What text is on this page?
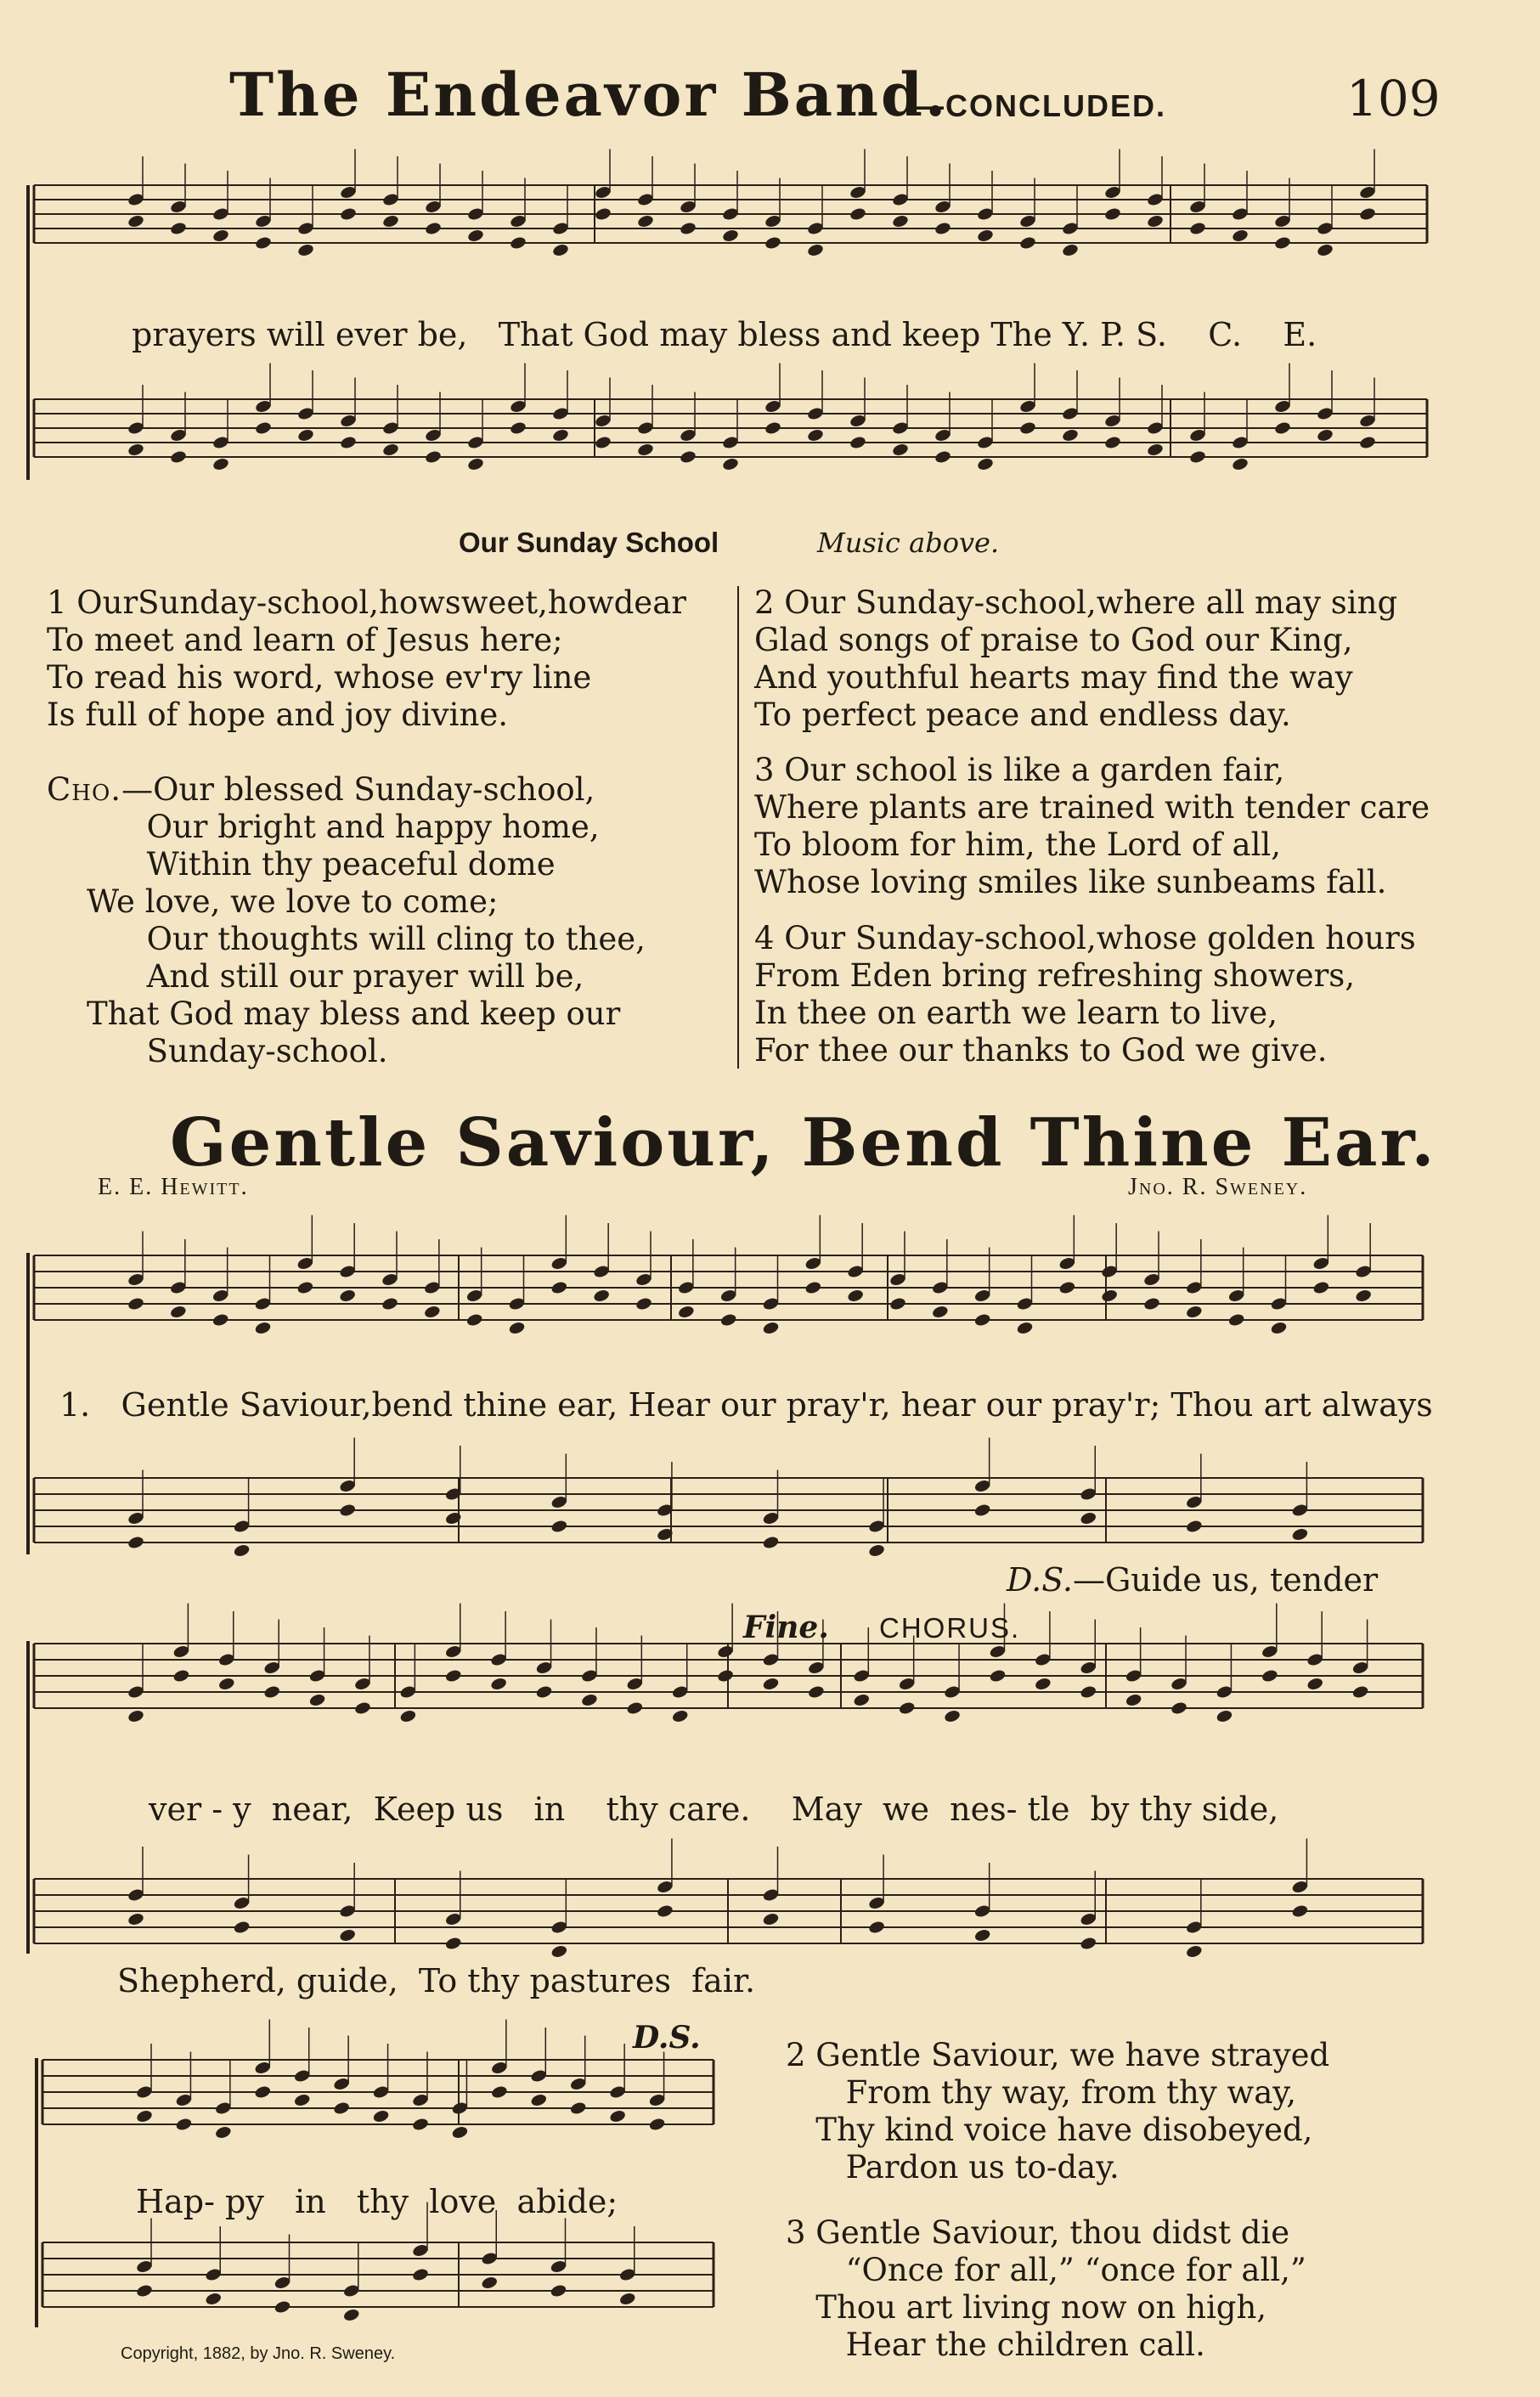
The Endeavor Band.
—CONCLUDED.	109
prayers will ever be,   That God may bless and keep The Y. P. S.    C.    E.
Our Sunday School	Music above.
1 OurSunday-school,howsweet,howdear
To meet and learn of Jesus here;
To read his word, whose ev'ry line
Is full of hope and joy divine.
Cho.—Our blessed Sunday-school,
Our bright and happy home,
Within thy peaceful dome
We love, we love to come;
Our thoughts will cling to thee,
And still our prayer will be,
That God may bless and keep our
Sunday-school.
2 Our Sunday-school,where all may sing
Glad songs of praise to God our King,
And youthful hearts may find the way
To perfect peace and endless day.
3 Our school is like a garden fair,
Where plants are trained with tender care
To bloom for him, the Lord of all,
Whose loving smiles like sunbeams fall.
4 Our Sunday-school,whose golden hours
From Eden bring refreshing showers,
In thee on earth we learn to live,
For thee our thanks to God we give.
Gentle Saviour, Bend Thine Ear.
E. E. Hewitt.	Jno. R. Sweney.
1.   Gentle Saviour,bend thine ear, Hear our pray'r, hear our pray'r; Thou art always
D.S.—Guide us, tender
Fine. CHORUS.
ver - y  near,  Keep us   in    thy care.    May  we  nes- tle  by thy side,
Shepherd, guide,  To thy pastures  fair.
D.S.
Hap- py   in   thy  love  abide;
2 Gentle Saviour, we have strayed
From thy way, from thy way,
Thy kind voice have disobeyed,
Pardon us to-day.
3 Gentle Saviour, thou didst die
“Once for all,” “once for all,”
Thou art living now on high,
Hear the children call.
Copyright, 1882, by Jno. R. Sweney.
